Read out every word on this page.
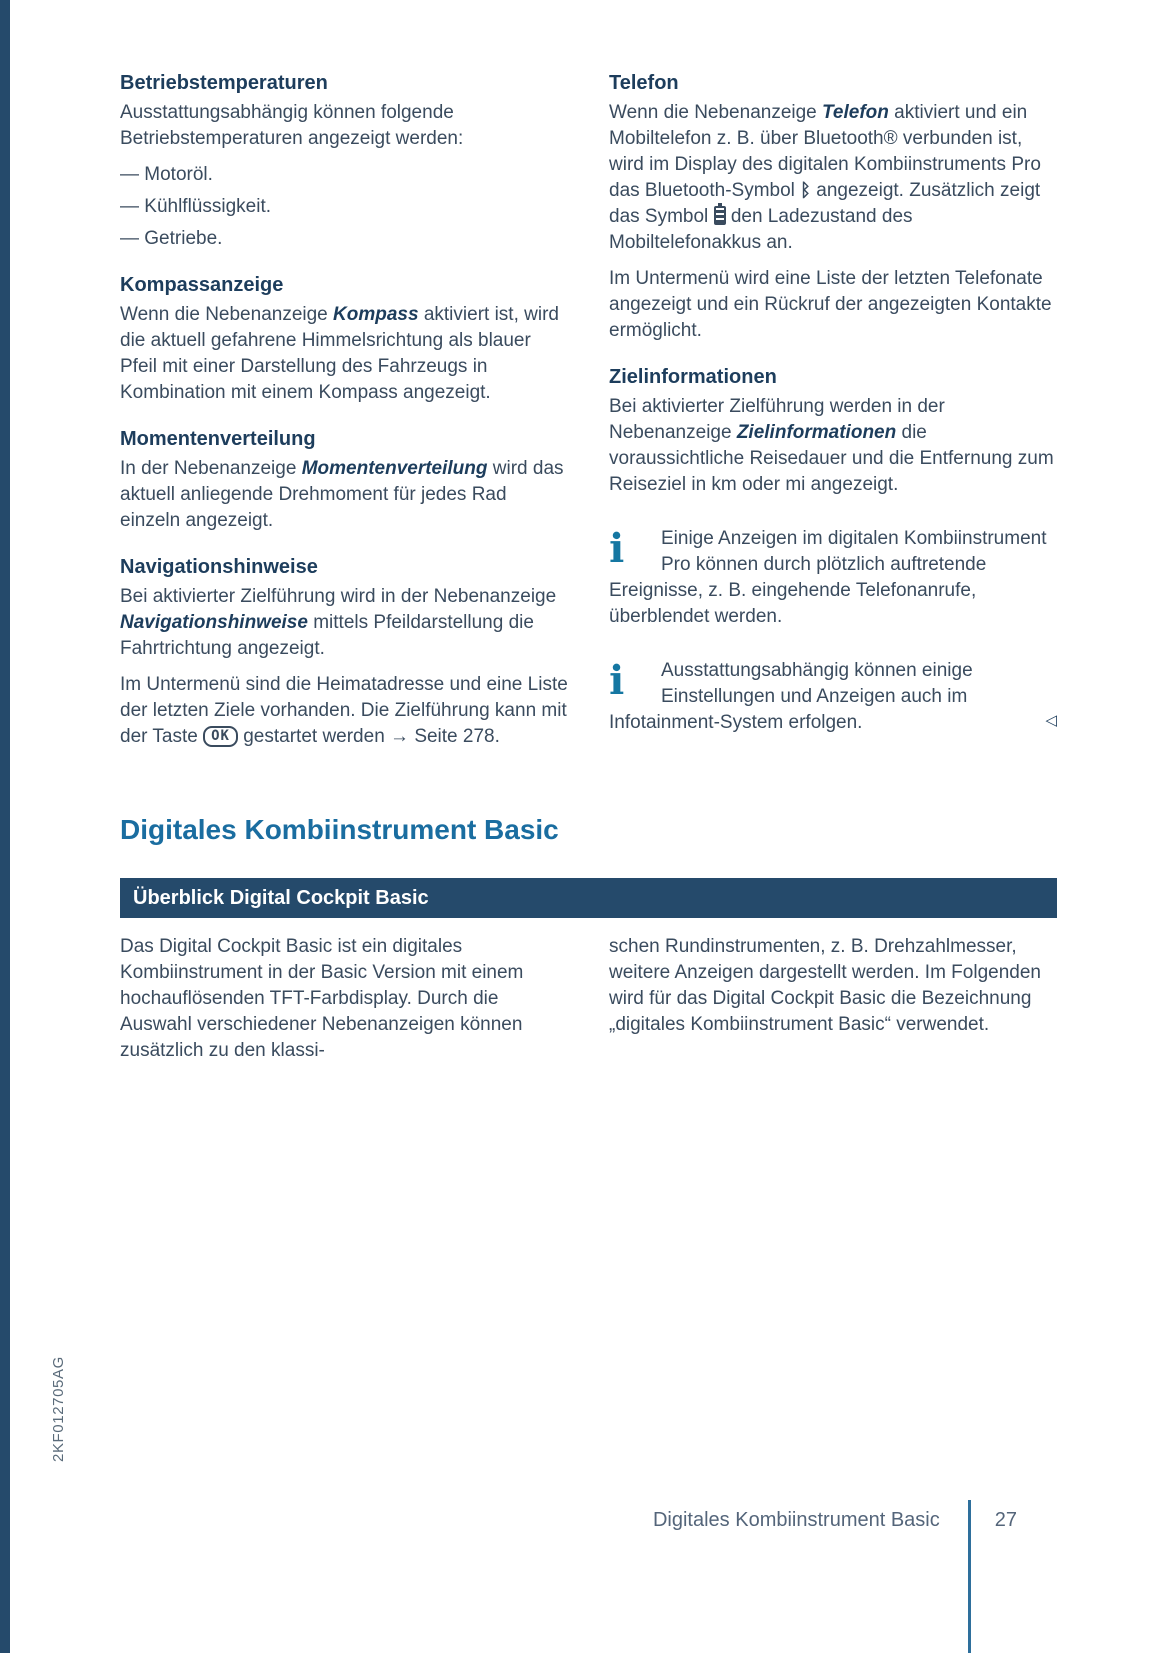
2KF012705AG
Betriebstemperaturen

Ausstattungsabhängig können folgende Betriebstemperaturen angezeigt werden:

— Motoröl.
— Kühlflüssigkeit.
— Getriebe.
Kompassanzeige

Wenn die Nebenanzeige Kompass aktiviert ist, wird die aktuell gefahrene Himmelsrichtung als blauer Pfeil mit einer Darstellung des Fahrzeugs in Kombination mit einem Kompass angezeigt.

Momentenverteilung

In der Nebenanzeige Momentenverteilung wird das aktuell anliegende Drehmoment für jedes Rad einzeln angezeigt.

Navigationshinweise

Bei aktivierter Zielführung wird in der Nebenanzeige Navigationshinweise mittels Pfeildarstellung die Fahrtrichtung angezeigt.

Im Untermenü sind die Heimatadresse und eine Liste der letzten Ziele vorhanden. Die Zielführung kann mit der Taste OK gestartet werden → Seite 278.

Telefon

Wenn die Nebenanzeige Telefon aktiviert und ein Mobiltelefon z. B. über Bluetooth® verbunden ist, wird im Display des digitalen Kombiinstruments Pro das Bluetooth-Symbol ᛒ angezeigt. Zusätzlich zeigt das Symbol  den Ladezustand des Mobiltelefonakkus an.

Im Untermenü wird eine Liste der letzten Telefonate angezeigt und ein Rückruf der angezeigten Kontakte ermöglicht.

Zielinformationen

Bei aktivierter Zielführung werden in der Nebenanzeige Zielinformationen die voraussichtliche Reisedauer und die Entfernung zum Reiseziel in km oder mi angezeigt.

ℹ	Einige Anzeigen im digitalen Kombiinstrument Pro können durch plötzlich auftretende Ereignisse, z. B. eingehende Telefonanrufe, überblendet werden.

ℹ	Ausstattungsabhängig können einige Einstellungen und Anzeigen auch im Infotainment-System erfolgen.	◁

Digitales Kombiinstrument Basic
Überblick Digital Cockpit Basic

Das Digital Cockpit Basic ist ein digitales Kombiinstrument in der Basic Version mit einem hochauflösenden TFT-Farbdisplay. Durch die Auswahl verschiedener Nebenanzeigen können zusätzlich zu den klassi-

schen Rundinstrumenten, z. B. Drehzahlmesser, weitere Anzeigen dargestellt werden. Im Folgenden wird für das Digital Cockpit Basic die Bezeichnung „digitales Kombiinstrument Basic“ verwendet.

Digitales Kombiinstrument Basic	27
